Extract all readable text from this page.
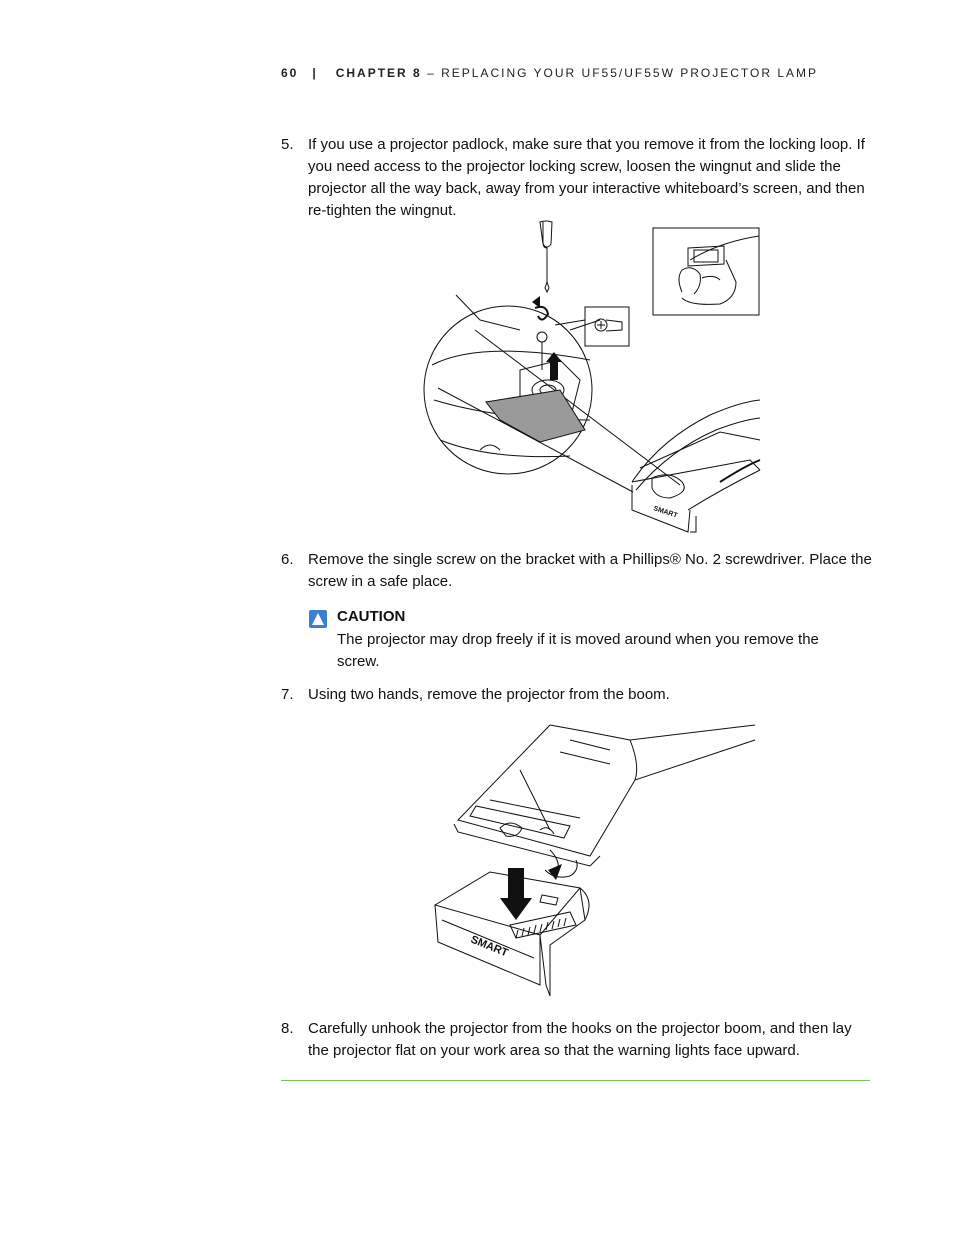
60 | CHAPTER 8 – REPLACING YOUR UF55/UF55W PROJECTOR LAMP
5. If you use a projector padlock, make sure that you remove it from the locking loop. If you need access to the projector locking screw, loosen the wingnut and slide the projector all the way back, away from your interactive whiteboard’s screen, and then re-tighten the wingnut.
SMART
6. Remove the single screw on the bracket with a Phillips® No. 2 screwdriver. Place the screw in a safe place.
CAUTION
The projector may drop freely if it is moved around when you remove the screw.
7. Using two hands, remove the projector from the boom.
SMART
8. Carefully unhook the projector from the hooks on the projector boom, and then lay the projector flat on your work area so that the warning lights face upward.
